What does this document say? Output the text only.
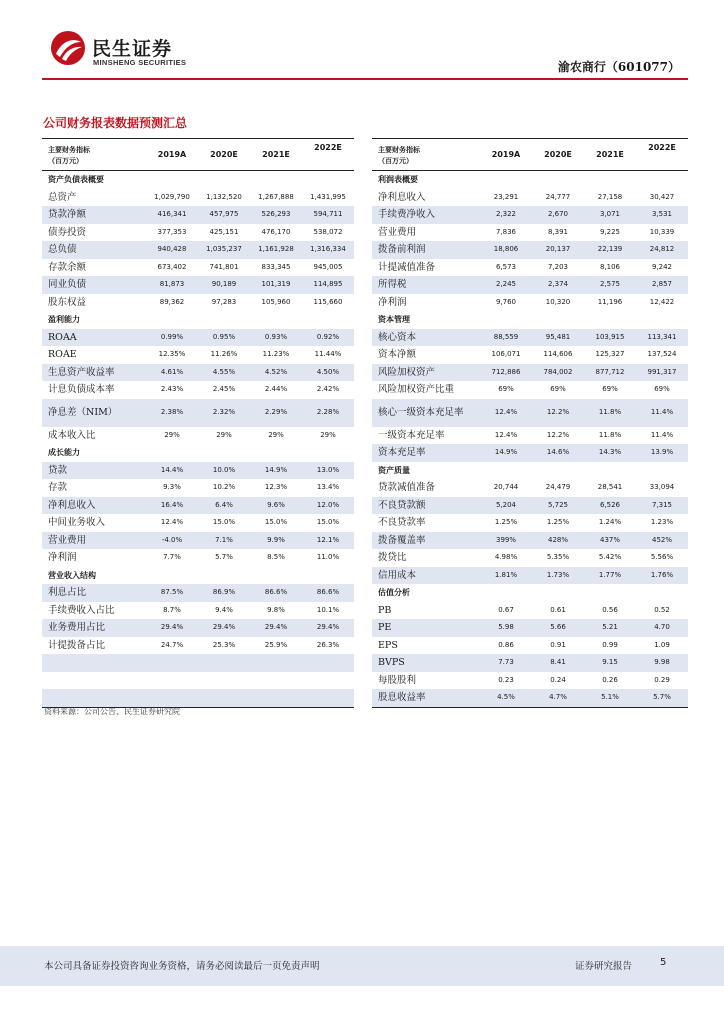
民生证券
MINSHENG SECURITIES	渝农商行（601077）
公司财务报表数据预测汇总
主要财务指标
（百万元）	2019A	2020E	2021E	2022E
资产负债表概要				
总资产	1,029,790	1,132,520	1,267,888	1,431,995
贷款净额	416,341	457,975	526,293	594,711
债券投资	377,353	425,151	476,170	538,072
总负债	940,428	1,035,237	1,161,928	1,316,334
存款余额	673,402	741,801	833,345	945,005
同业负债	81,873	90,189	101,319	114,895
股东权益	89,362	97,283	105,960	115,660
盈利能力				
ROAA	0.99%	0.95%	0.93%	0.92%
ROAE	12.35%	11.26%	11.23%	11.44%
生息资产收益率	4.61%	4.55%	4.52%	4.50%
计息负债成本率	2.43%	2.45%	2.44%	2.42%
净息差（NIM）	2.38%	2.32%	2.29%	2.28%
成本收入比	29%	29%	29%	29%
成长能力				
贷款	14.4%	10.0%	14.9%	13.0%
存款	9.3%	10.2%	12.3%	13.4%
净利息收入	16.4%	6.4%	9.6%	12.0%
中间业务收入	12.4%	15.0%	15.0%	15.0%
营业费用	-4.0%	7.1%	9.9%	12.1%
净利润	7.7%	5.7%	8.5%	11.0%
营业收入结构				
利息占比	87.5%	86.9%	86.6%	86.6%
手续费收入占比	8.7%	9.4%	9.8%	10.1%
业务费用占比	29.4%	29.4%	29.4%	29.4%
计提拨备占比	24.7%	25.3%	25.9%	26.3%

主要财务指标
（百万元）	2019A	2020E	2021E	2022E
利润表概要				
净利息收入	23,291	24,777	27,158	30,427
手续费净收入	2,322	2,670	3,071	3,531
营业费用	7,836	8,391	9,225	10,339
拨备前利润	18,806	20,137	22,139	24,812
计提减值准备	6,573	7,203	8,106	9,242
所得税	2,245	2,374	2,575	2,857
净利润	9,760	10,320	11,196	12,422
资本管理				
核心资本	88,559	95,481	103,915	113,341
资本净额	106,071	114,606	125,327	137,524
风险加权资产	712,886	784,002	877,712	991,317
风险加权资产比重	69%	69%	69%	69%
核心一级资本充足率	12.4%	12.2%	11.8%	11.4%
一级资本充足率	12.4%	12.2%	11.8%	11.4%
资本充足率	14.9%	14.6%	14.3%	13.9%
资产质量				
贷款减值准备	20,744	24,479	28,541	33,094
不良贷款额	5,204	5,725	6,526	7,315
不良贷款率	1.25%	1.25%	1.24%	1.23%
拨备覆盖率	399%	428%	437%	452%
拨贷比	4.98%	5.35%	5.42%	5.56%
信用成本	1.81%	1.73%	1.77%	1.76%
估值分析				
PB	0.67	0.61	0.56	0.52
PE	5.98	5.66	5.21	4.70
EPS	0.86	0.91	0.99	1.09
BVPS	7.73	8.41	9.15	9.98
每股股利	0.23	0.24	0.26	0.29
股息收益率	4.5%	4.7%	5.1%	5.7%
资料来源：公司公告、民生证券研究院
本公司具备证券投资咨询业务资格，请务必阅读最后一页免责声明	证券研究报告	5
